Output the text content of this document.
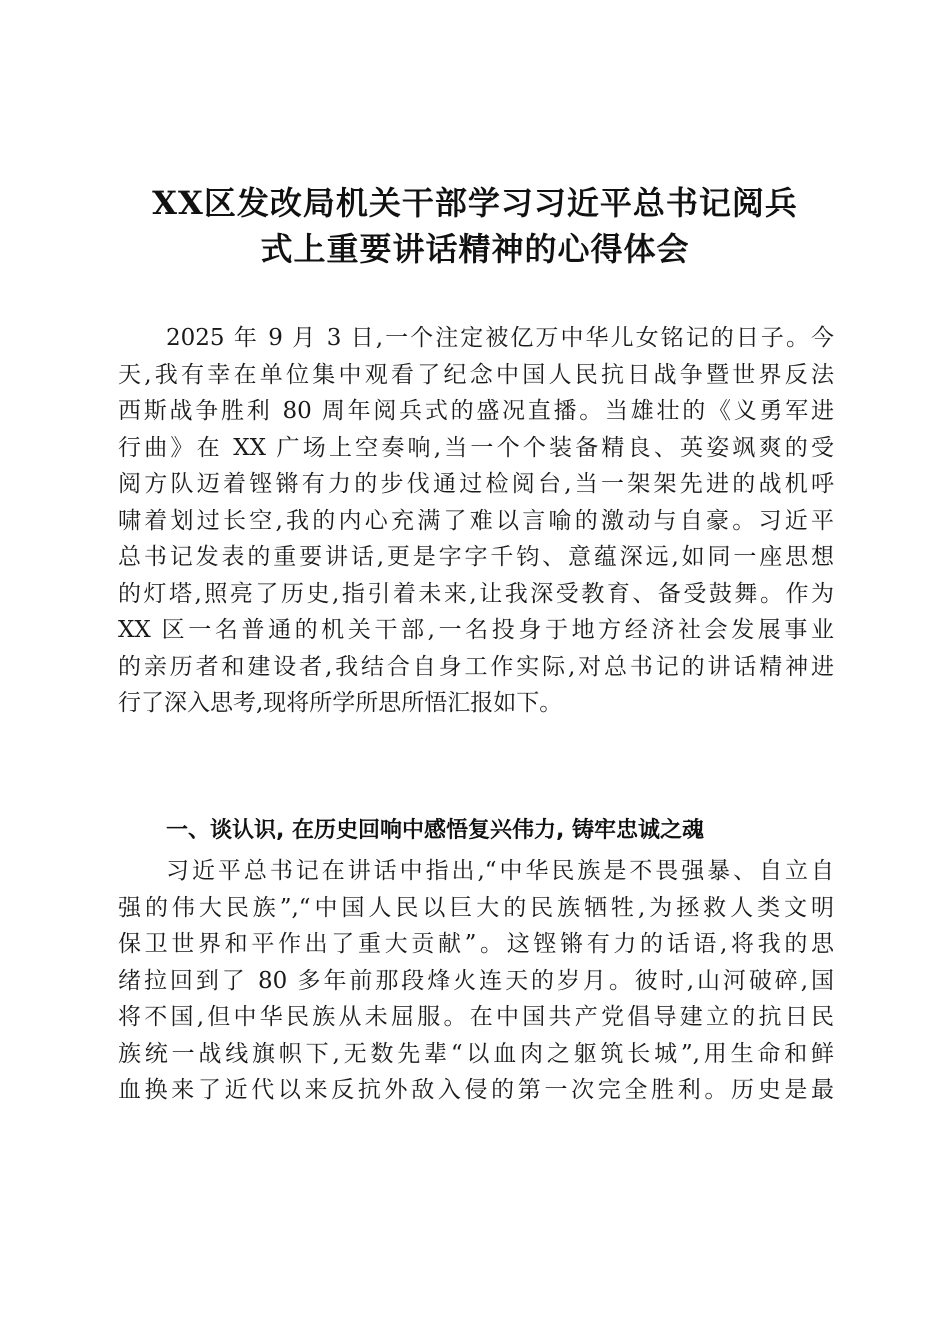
XX区发改局机关干部学习习近平总书记阅兵
式上重要讲话精神的心得体会
2025 年 9 月 3 日,一个注定被亿万中华儿女铭记的日子。今
天,我有幸在单位集中观看了纪念中国人民抗日战争暨世界反法
西斯战争胜利 80 周年阅兵式的盛况直播。当雄壮的《义勇军进
行曲》在 XX 广场上空奏响,当一个个装备精良、英姿飒爽的受
阅方队迈着铿锵有力的步伐通过检阅台,当一架架先进的战机呼
啸着划过长空,我的内心充满了难以言喻的激动与自豪。习近平
总书记发表的重要讲话,更是字字千钧、意蕴深远,如同一座思想
的灯塔,照亮了历史,指引着未来,让我深受教育、备受鼓舞。作为
XX 区一名普通的机关干部,一名投身于地方经济社会发展事业
的亲历者和建设者,我结合自身工作实际,对总书记的讲话精神进
行了深入思考,现将所学所思所悟汇报如下。
一、谈认识, 在历史回响中感悟复兴伟力, 铸牢忠诚之魂
习近平总书记在讲话中指出,“中华民族是不畏强暴、自立自
强的伟大民族”,“中国人民以巨大的民族牺牲,为拯救人类文明
保卫世界和平作出了重大贡献”。这铿锵有力的话语,将我的思
绪拉回到了 80 多年前那段烽火连天的岁月。彼时,山河破碎,国
将不国,但中华民族从未屈服。在中国共产党倡导建立的抗日民
族统一战线旗帜下,无数先辈“以血肉之躯筑长城”,用生命和鲜
血换来了近代以来反抗外敌入侵的第一次完全胜利。历史是最
